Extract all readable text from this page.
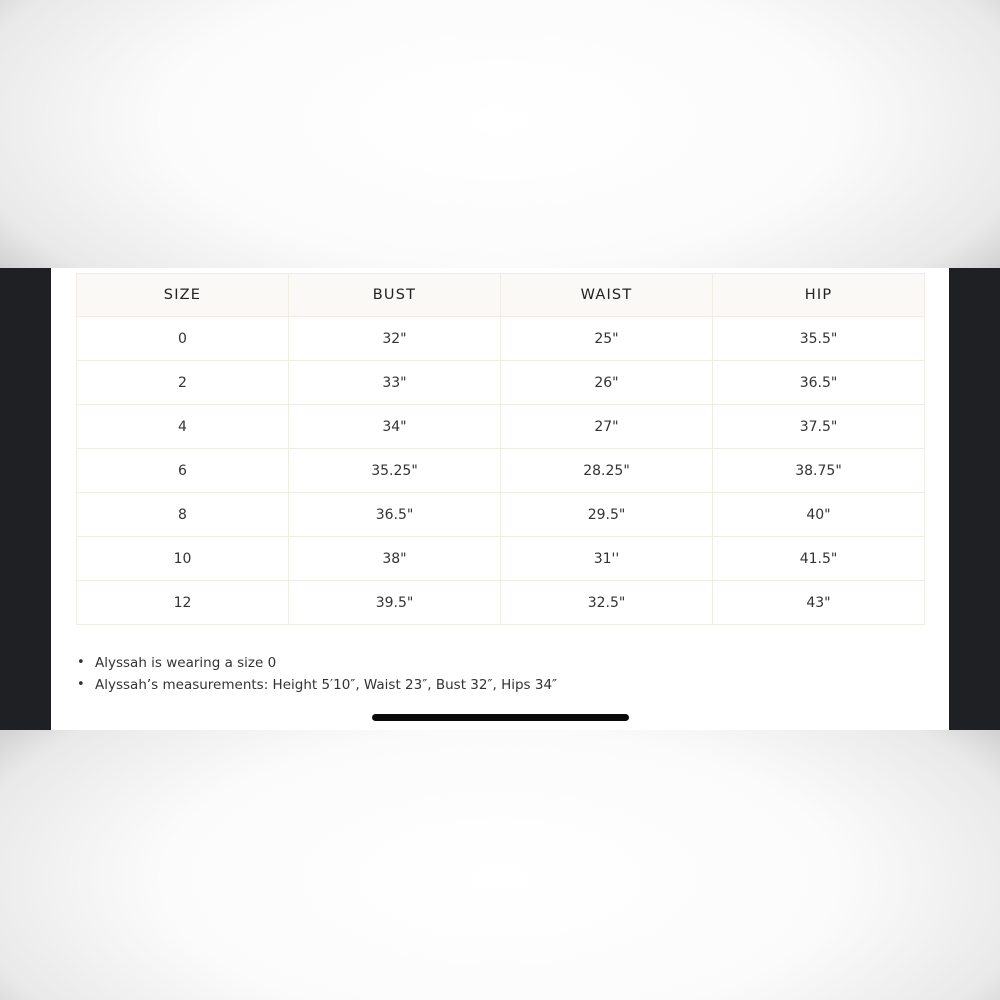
SIZE	BUST	WAIST	HIP
0	32"	25"	35.5"
2	33"	26"	36.5"
4	34"	27"	37.5"
6	35.25"	28.25"	38.75"
8	36.5"	29.5"	40"
10	38"	31''	41.5"
12	39.5"	32.5"	43"
• Alyssah is wearing a size 0
• Alyssah’s measurements: Height 5′10″, Waist 23″, Bust 32″, Hips 34″
